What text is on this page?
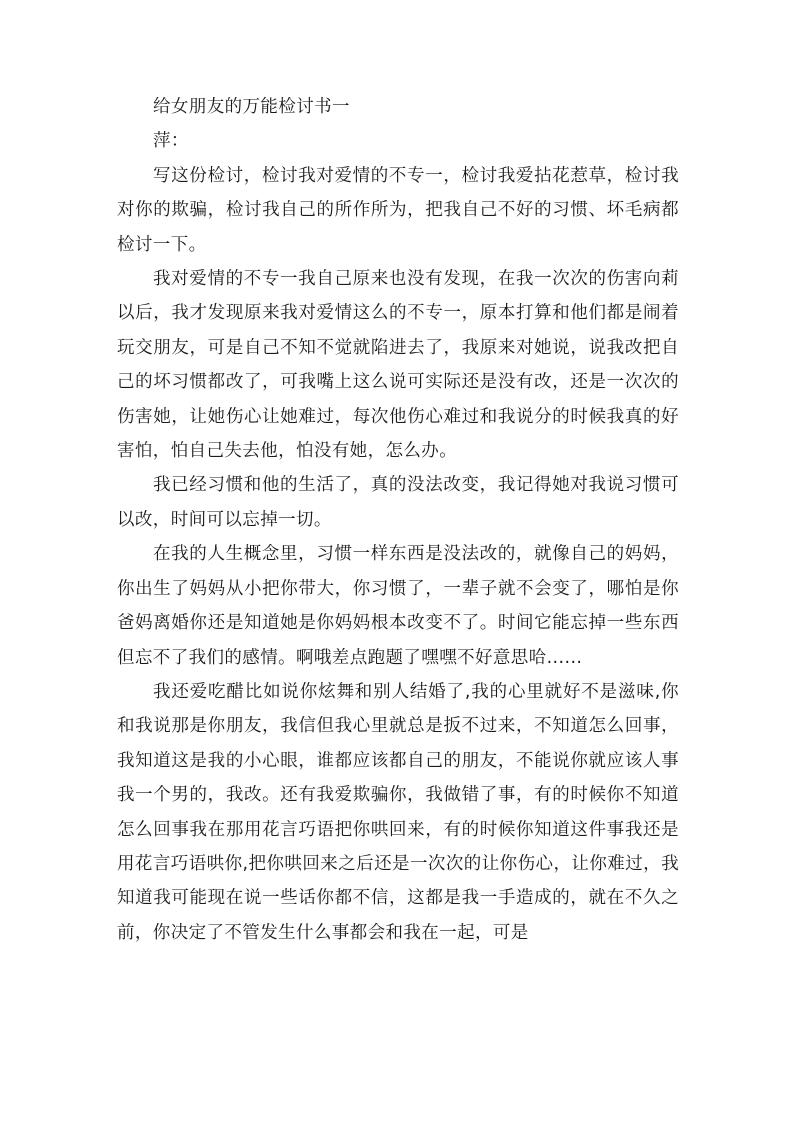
给女朋友的万能检讨书一

萍：

写这份检讨，检讨我对爱情的不专一，检讨我爱拈花惹草，检讨我对你的欺骗，检讨我自己的所作所为，把我自己不好的习惯、坏毛病都检讨一下。

我对爱情的不专一我自己原来也没有发现，在我一次次的伤害向莉以后，我才发现原来我对爱情这么的不专一，原本打算和他们都是闹着玩交朋友，可是自己不知不觉就陷进去了，我原来对她说，说我改把自己的坏习惯都改了，可我嘴上这么说可实际还是没有改，还是一次次的伤害她，让她伤心让她难过，每次他伤心难过和我说分的时候我真的好害怕，怕自己失去他，怕没有她，怎么办。

我已经习惯和他的生活了，真的没法改变，我记得她对我说习惯可以改，时间可以忘掉一切。

在我的人生概念里，习惯一样东西是没法改的，就像自己的妈妈，你出生了妈妈从小把你带大，你习惯了，一辈子就不会变了，哪怕是你爸妈离婚你还是知道她是你妈妈根本改变不了。时间它能忘掉一些东西但忘不了我们的感情。啊哦差点跑题了嘿嘿不好意思哈......

我还爱吃醋比如说你炫舞和别人结婚了,我的心里就好不是滋味,你和我说那是你朋友，我信但我心里就总是扳不过来，不知道怎么回事，我知道这是我的小心眼，谁都应该都自己的朋友，不能说你就应该人事我一个男的，我改。还有我爱欺骗你，我做错了事，有的时候你不知道怎么回事我在那用花言巧语把你哄回来，有的时候你知道这件事我还是用花言巧语哄你,把你哄回来之后还是一次次的让你伤心，让你难过，我知道我可能现在说一些话你都不信，这都是我一手造成的，就在不久之前，你决定了不管发生什么事都会和我在一起，可是
